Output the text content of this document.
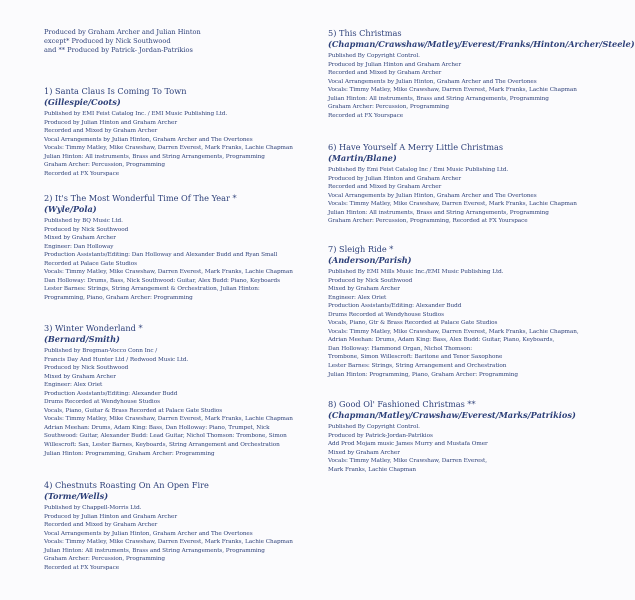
Produced by Graham Archer and Julian Hinton
except* Produced by Nick Southwood
and ** Produced by Patrick- Jordan-Patrikios
1) Santa Claus Is Coming To Town
(Gillespie/Coots)
Published by EMI Feist Catalog Inc. / EMI Music Publishing Ltd.
Produced by Julian Hinton and Graham Archer
Recorded and Mixed by Graham Archer
Vocal Arrangements by Julian Hinton, Graham Archer and The Overtones
Vocals: Timmy Matley, Mike Crawshaw, Darren Everest, Mark Franks, Lachie Chapman
Julian Hinton: All instruments, Brass and String Arrangements, Programming
Graham Archer: Percussion, Programming
Recorded at FX Yourspace
2) It's The Most Wonderful Time Of The Year *
(Wyle/Pola)
Published by BQ Music Ltd.
Produced by Nick Southwood
Mixed by Graham Archer
Engineer: Dan Holloway
Production Assistants/Editing: Dan Holloway and Alexander Budd and Ryan Small
Recorded at Palace Gate Studios
Vocals: Timmy Matley, Mike Crawshaw, Darren Everest, Mark Franks, Lachie Chapman
Dan Holloway: Drums, Bass, Nick Southwood: Guitar, Alex Budd: Piano, Keyboards
Lester Barnes: Strings, String Arrangement & Orchestration, Julian Hinton:
Programming, Piano, Graham Archer: Programming
3) Winter Wonderland *
(Bernard/Smith)
Published by Bregman-Vocco Conn Inc /
Francis Day And Hunter Ltd / Redwood Music Ltd.
Produced by Nick Southwood
Mixed by Graham Archer
Engineer: Alex Oriet
Production Assistants/Editing: Alexander Budd
Drums Recorded at Wendyhouse Studios
Vocals, Piano, Guitar & Brass Recorded at Palace Gate Studios
Vocals: Timmy Matley, Mike Crawshaw, Darren Everest, Mark Franks, Lachie Chapman
Adrian Meehan: Drums, Adam King: Bass, Dan Holloway: Piano, Trumpet, Nick
Southwood: Guitar, Alexander Budd: Lead Guitar, Nichol Thomson: Trombone, Simon
Willescroft: Sax, Lester Barnes, Keyboards, String Arrangement and Orchestration
Julian Hinton: Programming, Graham Archer: Programming
4) Chestnuts Roasting On An Open Fire
(Torme/Wells)
Published by Chappell-Morris Ltd.
Produced by Julian Hinton and Graham Archer
Recorded and Mixed by Graham Archer
Vocal Arrangements by Julian Hinton, Graham Archer and The Overtones
Vocals: Timmy Matley, Mike Crawshaw, Darren Everest, Mark Franks, Lachie Chapman
Julian Hinton: All instruments, Brass and String Arrangements, Programming
Graham Archer: Percussion, Programming
Recorded at FX Yourspace
5) This Christmas
(Chapman/Crawshaw/Matley/Everest/Franks/Hinton/Archer/Steele)
Published By Copyright Control.
Produced by Julian Hinton and Graham Archer
Recorded and Mixed by Graham Archer
Vocal Arrangements by Julian Hinton, Graham Archer and The Overtones
Vocals: Timmy Matley, Mike Crawshaw, Darren Everest, Mark Franks, Lachie Chapman
Julian Hinton: All instruments, Brass and String Arrangements, Programming
Graham Archer: Percussion, Programming
Recorded at FX Yourspace
6) Have Yourself A Merry Little Christmas
(Martin/Blane)
Published By Emi Feist Catalog Inc / Emi Music Publishing Ltd.
Produced by Julian Hinton and Graham Archer
Recorded and Mixed by Graham Archer
Vocal Arrangements by Julian Hinton, Graham Archer and The Overtones
Vocals: Timmy Matley, Mike Crawshaw, Darren Everest, Mark Franks, Lachie Chapman
Julian Hinton: All instruments, Brass and String Arrangements, Programming
Graham Archer: Percussion, Programming, Recorded at FX Yourspace
7) Sleigh Ride *
(Anderson/Parish)
Published By EMI Mills Music Inc./EMI Music Publishing Ltd.
Produced by Nick Southwood
Mixed by Graham Archer
Engineer: Alex Oriet
Production Assistants/Editing: Alexander Budd
Drums Recorded at Wendyhouse Studios
Vocals, Piano, Gtr & Brass Recorded at Palace Gate Studios
Vocals: Timmy Matley, Mike Crawshaw, Darren Everest, Mark Franks, Lachie Chapman,
Adrian Meehan: Drums, Adam King: Bass, Alex Budd: Guitar, Piano, Keyboards,
Dan Holloway: Hammond Organ, Nichol Thomson:
Trombone, Simon Willescroft: Baritone and Tenor Saxophone
Lester Barnes: Strings, String Arrangement and Orchestration
Julian Hinton: Programming, Piano, Graham Archer: Programming
8) Good Ol' Fashioned Christmas **
(Chapman/Matley/Crawshaw/Everest/Marks/Patrikios)
Published By Copyright Control.
Produced by Patrick-Jordan-Patrikios
Add Prod Mojam music James Murry and Mustafa Omer
Mixed by Graham Archer
Vocals: Timmy Matley, Mike Crawshaw, Darren Everest,
Mark Franks, Lachie Chapman
